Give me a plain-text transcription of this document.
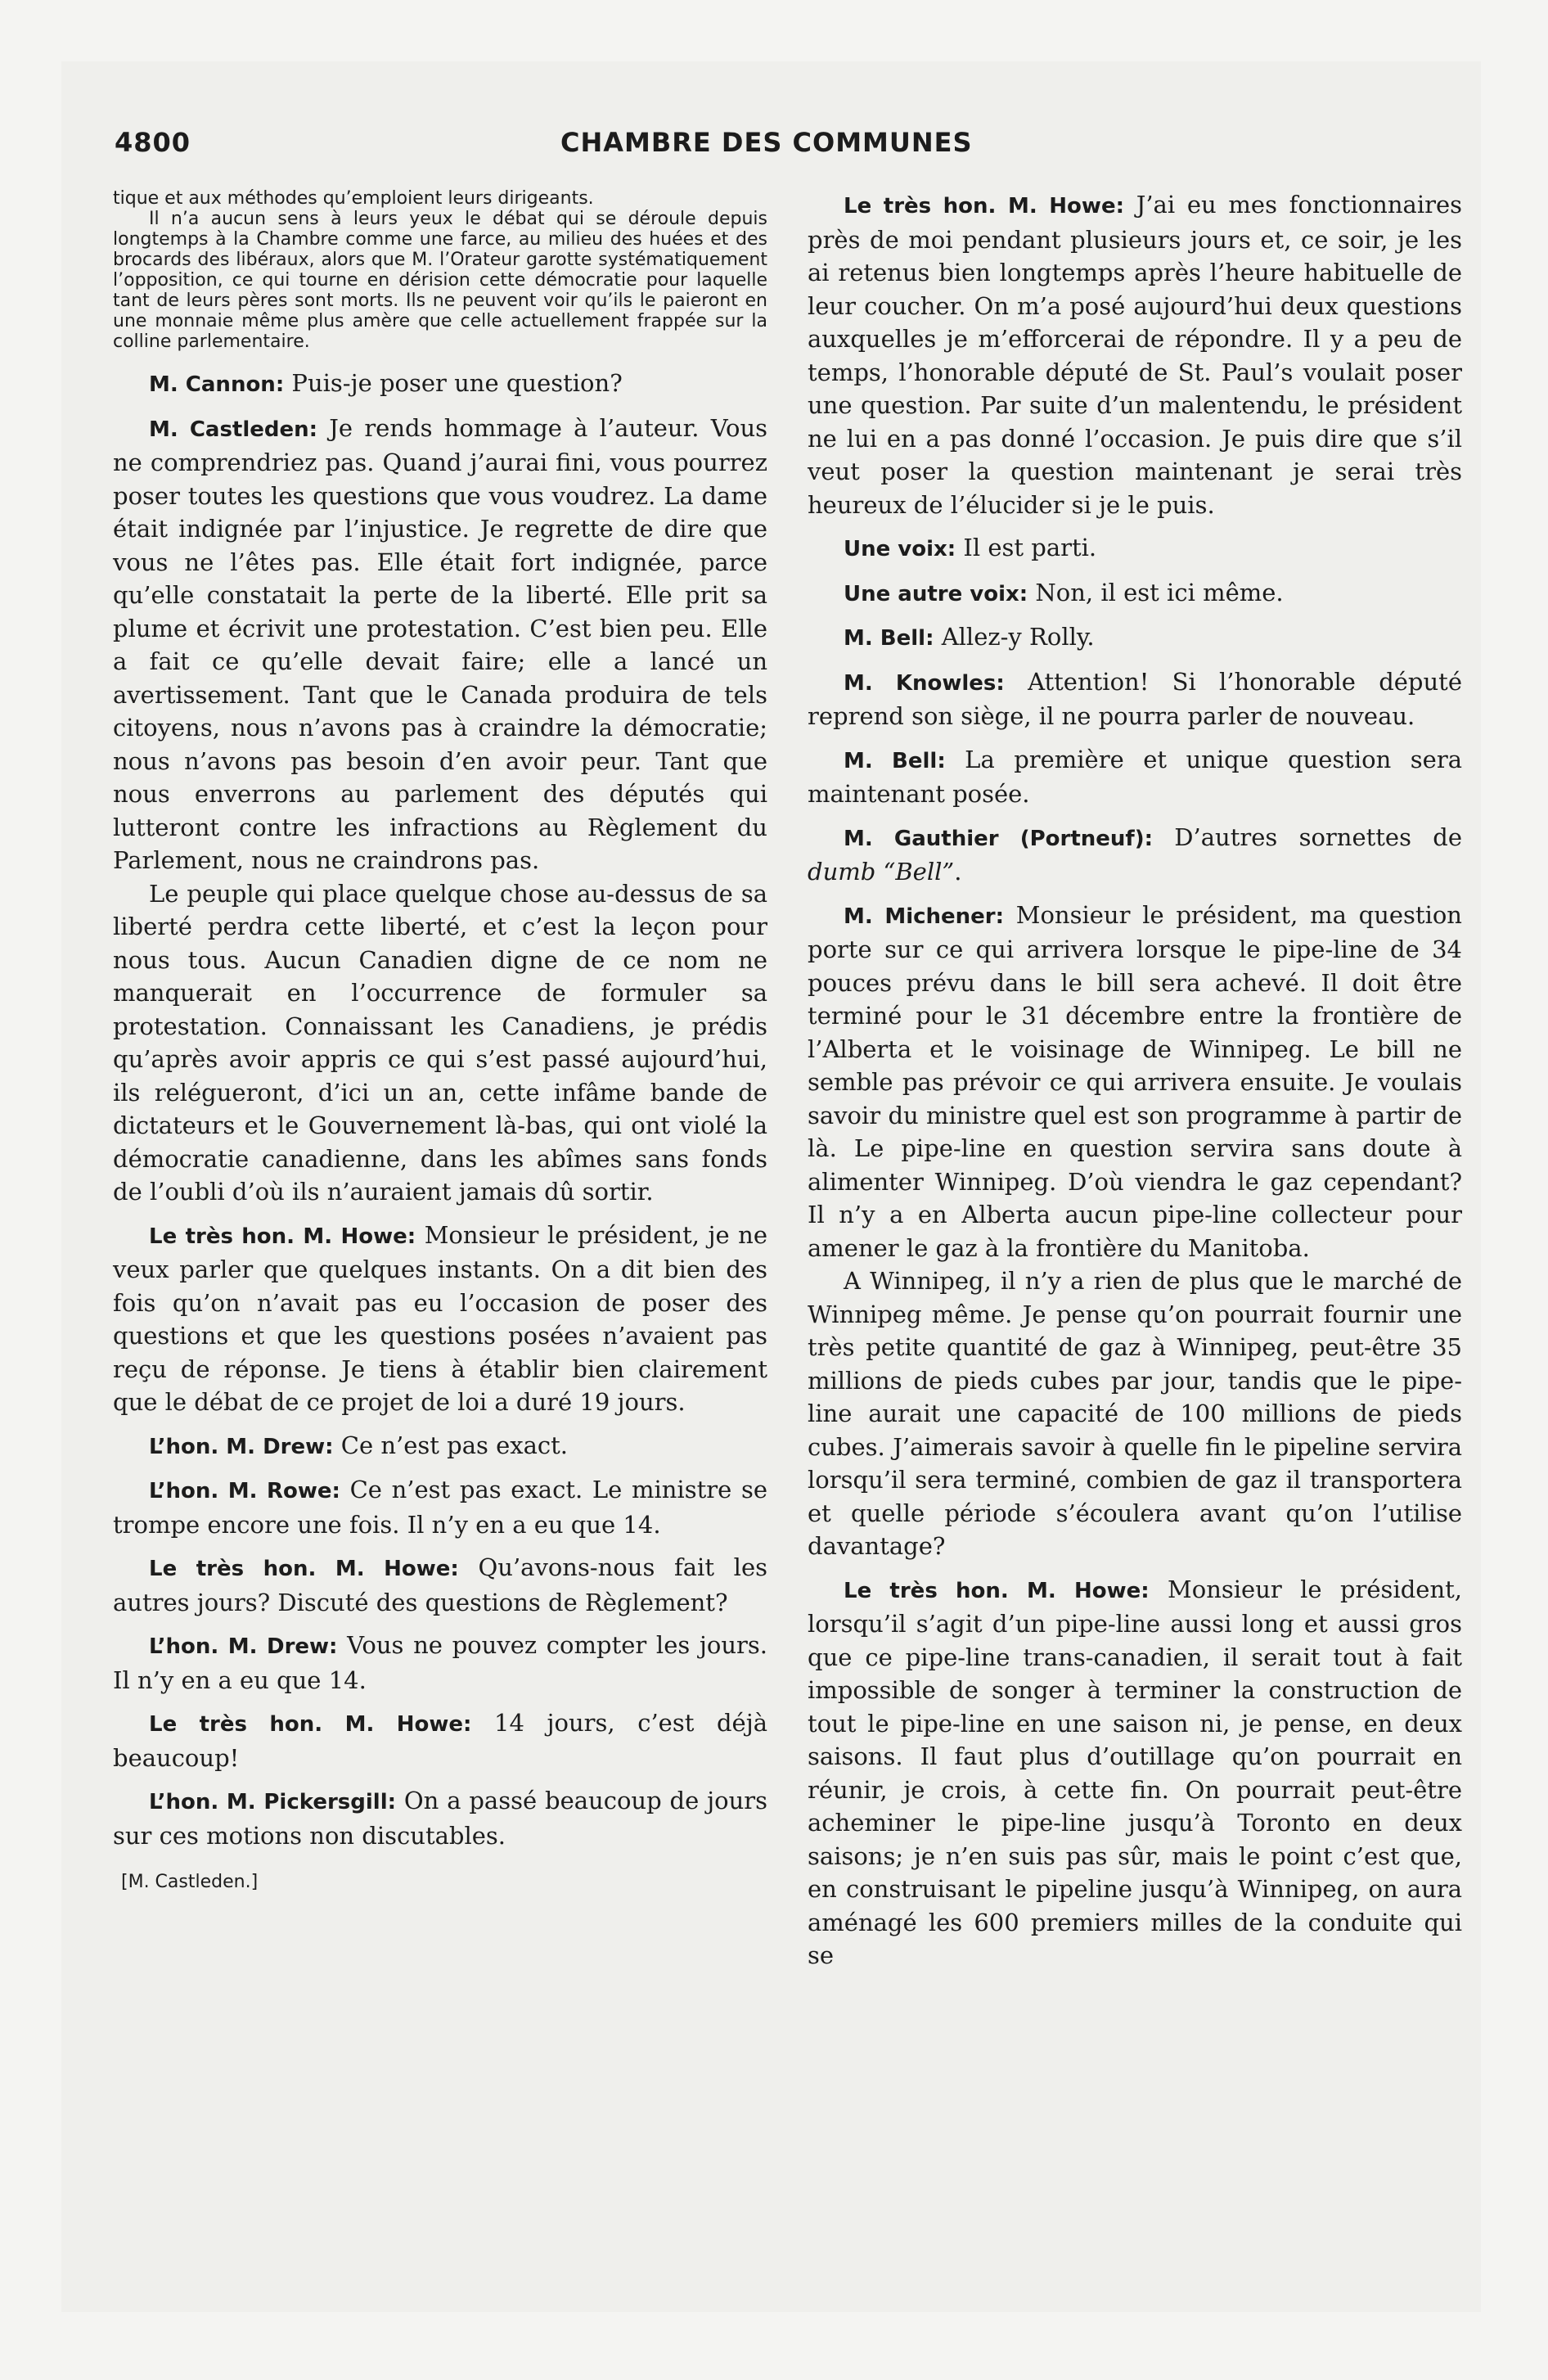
4800	CHAMBRE DES COMMUNES

tique et aux méthodes qu’emploient leurs dirigeants.

Il n’a aucun sens à leurs yeux le débat qui se déroule depuis longtemps à la Chambre comme une farce, au milieu des huées et des brocards des libéraux, alors que M. l’Orateur garotte systématiquement l’opposition, ce qui tourne en dérision cette démocratie pour laquelle tant de leurs pères sont morts. Ils ne peuvent voir qu’ils le paieront en une monnaie même plus amère que celle actuellement frappée sur la colline parlementaire.

M. Cannon: Puis-je poser une question?

M. Castleden: Je rends hommage à l’auteur. Vous ne comprendriez pas. Quand j’aurai fini, vous pourrez poser toutes les questions que vous voudrez. La dame était indignée par l’injustice. Je regrette de dire que vous ne l’êtes pas. Elle était fort indignée, parce qu’elle constatait la perte de la liberté. Elle prit sa plume et écrivit une protestation. C’est bien peu. Elle a fait ce qu’elle devait faire; elle a lancé un avertissement. Tant que le Canada produira de tels citoyens, nous n’avons pas à craindre la démocratie; nous n’avons pas besoin d’en avoir peur. Tant que nous enverrons au parlement des députés qui lutteront contre les infractions au Règlement du Parlement, nous ne craindrons pas.

Le peuple qui place quelque chose au-dessus de sa liberté perdra cette liberté, et c’est la leçon pour nous tous. Aucun Canadien digne de ce nom ne manquerait en l’occurrence de formuler sa protestation. Connaissant les Canadiens, je prédis qu’après avoir appris ce qui s’est passé aujourd’hui, ils relégueront, d’ici un an, cette infâme bande de dictateurs et le Gouvernement là-bas, qui ont violé la démocratie canadienne, dans les abîmes sans fonds de l’oubli d’où ils n’auraient jamais dû sortir.

Le très hon. M. Howe: Monsieur le président, je ne veux parler que quelques instants. On a dit bien des fois qu’on n’avait pas eu l’occasion de poser des questions et que les questions posées n’avaient pas reçu de réponse. Je tiens à établir bien clairement que le débat de ce projet de loi a duré 19 jours.

L’hon. M. Drew: Ce n’est pas exact.

L’hon. M. Rowe: Ce n’est pas exact. Le ministre se trompe encore une fois. Il n’y en a eu que 14.

Le très hon. M. Howe: Qu’avons-nous fait les autres jours? Discuté des questions de Règlement?

L’hon. M. Drew: Vous ne pouvez compter les jours. Il n’y en a eu que 14.

Le très hon. M. Howe: 14 jours, c’est déjà beaucoup!

L’hon. M. Pickersgill: On a passé beaucoup de jours sur ces motions non discutables.

[M. Castleden.]

Le très hon. M. Howe: J’ai eu mes fonctionnaires près de moi pendant plusieurs jours et, ce soir, je les ai retenus bien longtemps après l’heure habituelle de leur coucher. On m’a posé aujourd’hui deux questions auxquelles je m’efforcerai de répondre. Il y a peu de temps, l’honorable député de St. Paul’s voulait poser une question. Par suite d’un malentendu, le président ne lui en a pas donné l’occasion. Je puis dire que s’il veut poser la question maintenant je serai très heureux de l’élucider si je le puis.

Une voix: Il est parti.

Une autre voix: Non, il est ici même.

M. Bell: Allez-y Rolly.

M. Knowles: Attention! Si l’honorable député reprend son siège, il ne pourra parler de nouveau.

M. Bell: La première et unique question sera maintenant posée.

M. Gauthier (Portneuf): D’autres sornettes de dumb “Bell”.

M. Michener: Monsieur le président, ma question porte sur ce qui arrivera lorsque le pipe-line de 34 pouces prévu dans le bill sera achevé. Il doit être terminé pour le 31 décembre entre la frontière de l’Alberta et le voisinage de Winnipeg. Le bill ne semble pas prévoir ce qui arrivera ensuite. Je voulais savoir du ministre quel est son programme à partir de là. Le pipe-line en question servira sans doute à alimenter Winnipeg. D’où viendra le gaz cependant? Il n’y a en Alberta aucun pipe-line collecteur pour amener le gaz à la frontière du Manitoba.

A Winnipeg, il n’y a rien de plus que le marché de Winnipeg même. Je pense qu’on pourrait fournir une très petite quantité de gaz à Winnipeg, peut-être 35 millions de pieds cubes par jour, tandis que le pipe-line aurait une capacité de 100 millions de pieds cubes. J’aimerais savoir à quelle fin le pipeline servira lorsqu’il sera terminé, combien de gaz il transportera et quelle période s’écoulera avant qu’on l’utilise davantage?

Le très hon. M. Howe: Monsieur le président, lorsqu’il s’agit d’un pipe-line aussi long et aussi gros que ce pipe-line trans-canadien, il serait tout à fait impossible de songer à terminer la construction de tout le pipe-line en une saison ni, je pense, en deux saisons. Il faut plus d’outillage qu’on pourrait en réunir, je crois, à cette fin. On pourrait peut-être acheminer le pipe-line jusqu’à Toronto en deux saisons; je n’en suis pas sûr, mais le point c’est que, en construisant le pipeline jusqu’à Winnipeg, on aura aménagé les 600 premiers milles de la conduite qui se
